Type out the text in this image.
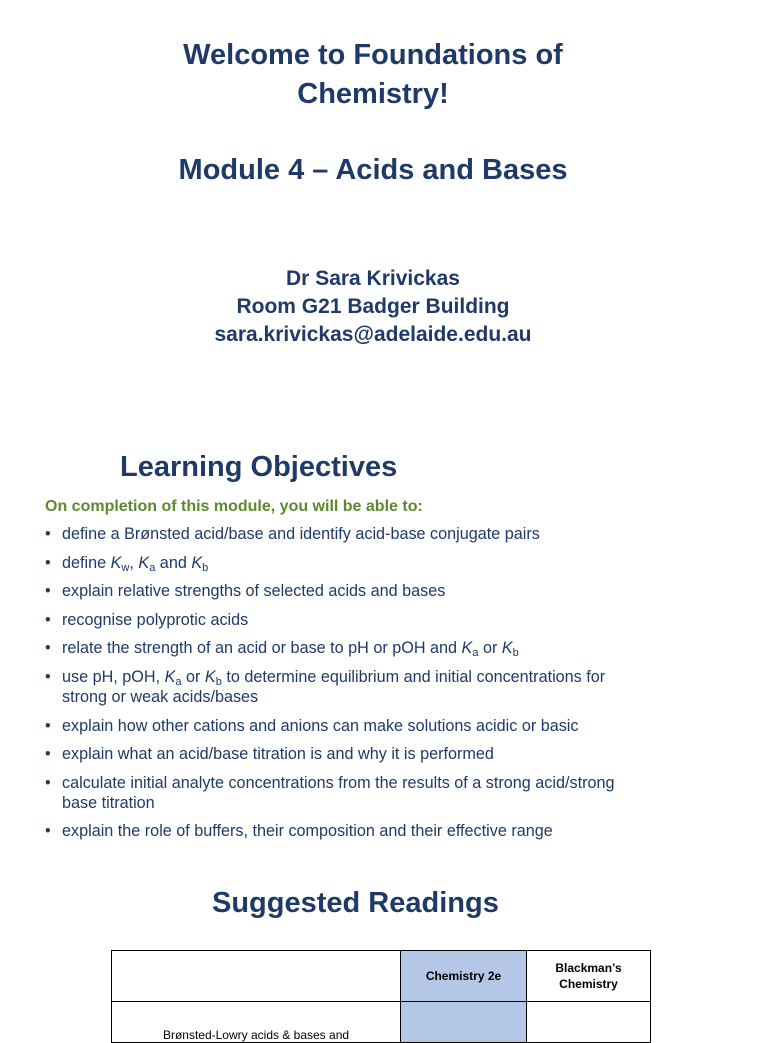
Welcome to Foundations of
Chemistry!
Module 4 – Acids and Bases
Dr Sara Krivickas
Room G21 Badger Building
sara.krivickas@adelaide.edu.au
Learning Objectives
On completion of this module, you will be able to:
• define a Brønsted acid/base and identify acid-base conjugate pairs
• define $K_w$, $K_a$ and $K_b$
• explain relative strengths of selected acids and bases
• recognise polyprotic acids
• relate the strength of an acid or base to pH or pOH and $K_a$ or $K_b$
• use pH, pOH, $K_a$ or $K_b$ to determine equilibrium and initial concentrations for strong or weak acids/bases
• explain how other cations and anions can make solutions acidic or basic
• explain what an acid/base titration is and why it is performed
• calculate initial analyte concentrations from the results of a strong acid/strong base titration
• explain the role of buffers, their composition and their effective range
Suggested Readings
	Chemistry 2e	Blackman’s Chemistry
Brønsted-Lowry acids & bases and		
